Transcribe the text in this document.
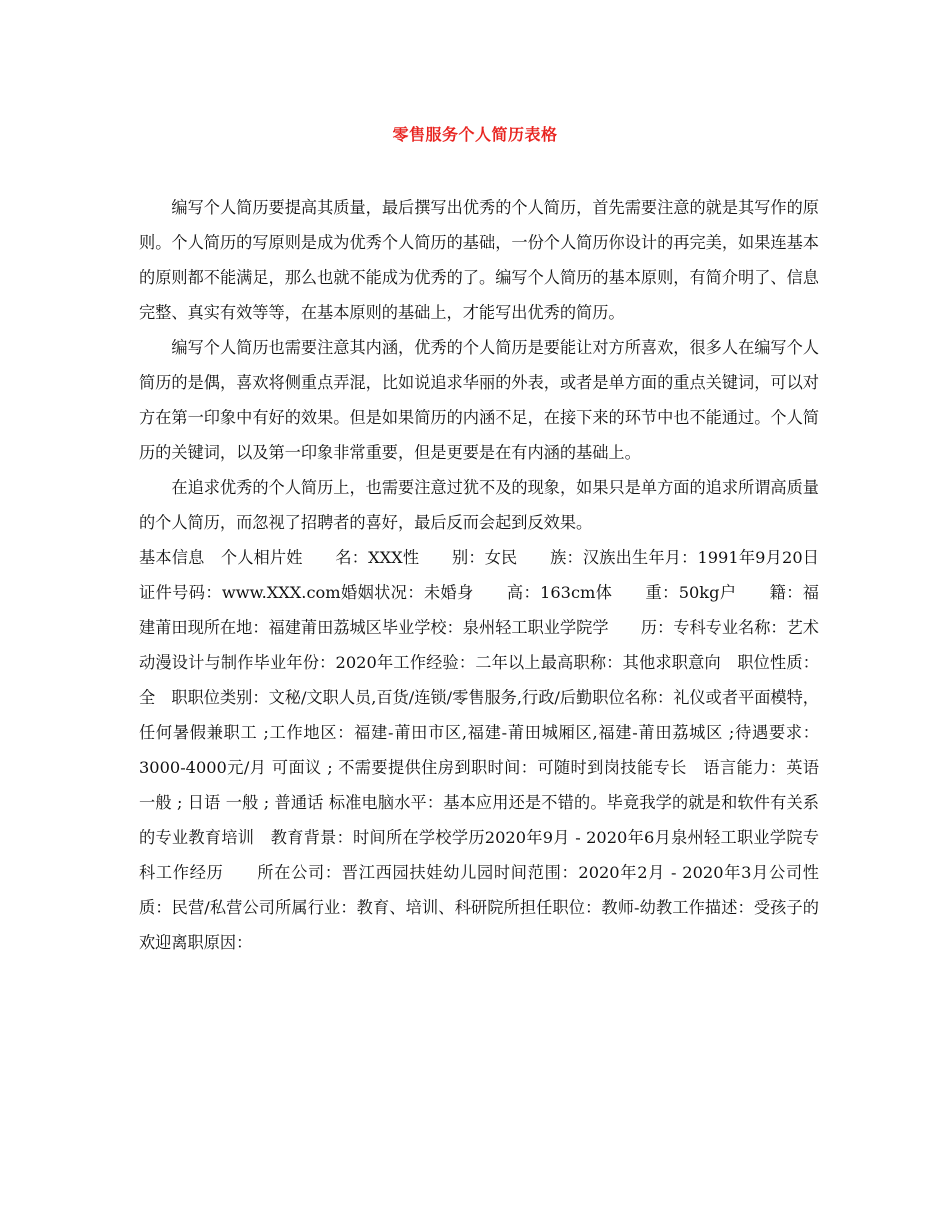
零售服务个人简历表格

编写个人简历要提高其质量，最后撰写出优秀的个人简历，首先需要注意的就是其写作的原则。个人简历的写原则是成为优秀个人简历的基础，一份个人简历你设计的再完美，如果连基本的原则都不能满足，那么也就不能成为优秀的了。编写个人简历的基本原则，有简介明了、信息完整、真实有效等等，在基本原则的基础上，才能写出优秀的简历。

编写个人简历也需要注意其内涵，优秀的个人简历是要能让对方所喜欢，很多人在编写个人简历的是偶，喜欢将侧重点弄混，比如说追求华丽的外表，或者是单方面的重点关键词，可以对方在第一印象中有好的效果。但是如果简历的内涵不足，在接下来的环节中也不能通过。个人简历的关键词，以及第一印象非常重要，但是更要是在有内涵的基础上。

在追求优秀的个人简历上，也需要注意过犹不及的现象，如果只是单方面的追求所谓高质量的个人简历，而忽视了招聘者的喜好，最后反而会起到反效果。

基本信息　个人相片姓　　名：XXX性　　别：女民　　族：汉族出生年月：1991年9月20日证件号码：www.XXX.com婚姻状况：未婚身　　高：163cm体　　重：50kg户　　籍：福建莆田现所在地：福建莆田荔城区毕业学校：泉州轻工职业学院学　　历：专科专业名称：艺术动漫设计与制作毕业年份：2020年工作经验：二年以上最高职称：其他求职意向　职位性质：全　职职位类别：文秘/文职人员,百货/连锁/零售服务,行政/后勤职位名称：礼仪或者平面模特，任何暑假兼职工 ;工作地区：福建-莆田市区,福建-莆田城厢区,福建-莆田荔城区 ;待遇要求：3000-4000元/月 可面议 ; 不需要提供住房到职时间：可随时到岗技能专长　语言能力：英语 一般 ; 日语 一般 ; 普通话 标准电脑水平：基本应用还是不错的。毕竟我学的就是和软件有关系的专业教育培训　教育背景：时间所在学校学历2020年9月 - 2020年6月泉州轻工职业学院专科工作经历　　所在公司：晋江西园扶娃幼儿园时间范围：2020年2月 - 2020年3月公司性质：民营/私营公司所属行业：教育、培训、科研院所担任职位：教师-幼教工作描述：受孩子的欢迎离职原因：
